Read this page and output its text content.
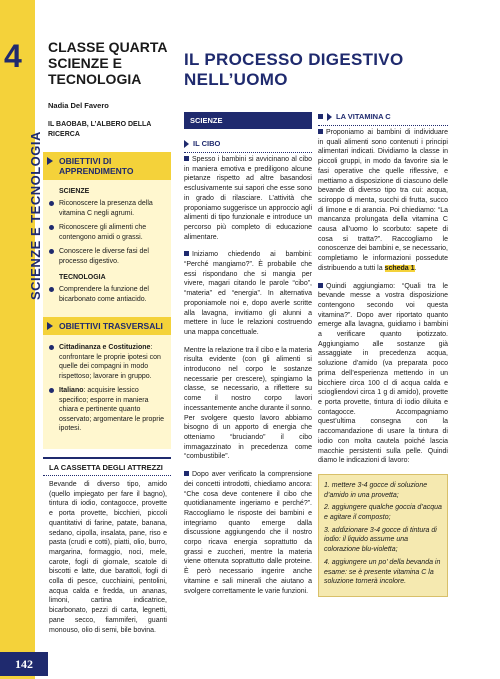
4
SCIENZE E TECNOLOGIA
142
CLASSE QUARTA
SCIENZE E TECNOLOGIA
Nadia Del Favero
IL BAOBAB, L’ALBERO DELLA RICERCA
OBIETTIVI DI APPRENDIMENTO
SCIENZE
Riconoscere la presenza della vitamina C negli agrumi.
Riconoscere gli alimenti che contengono amidi o grassi.
Conoscere le diverse fasi del processo digestivo.
TECNOLOGIA
Comprendere la funzione del bicarbonato come antiacido.
OBIETTIVI TRASVERSALI
Cittadinanza e Costituzione: confrontare le proprie ipotesi con quelle dei compagni in modo rispettoso; lavorare in gruppo.
Italiano: acquisire lessico specifico; esporre in maniera chiara e pertinente quanto osservato; argomentare le proprie ipotesi.
LA CASSETTA DEGLI ATTREZZI
Bevande di diverso tipo, amido (quello impiegato per fare il bagno), tintura di iodio, contagocce, provette e porta provette, bicchieri, piccoli quantitativi di farine, patate, banana, sedano, cipolla, insalata, pane, riso e pasta (crudi e cotti), piatti, olio, burro, margarina, formaggio, noci, mele, carote, fogli di giornale, scatole di biscotti e latte, due barattoli, fogli di colla di pesce, cucchiaini, pentolini, acqua calda e fredda, un ananas, limoni, cartina indicatrice, bicarbonato, pezzi di carta, legnetti, pane secco, fiammiferi, guanti monouso, olio di semi, bile bovina.
IL PROCESSO DIGESTIVO NELL’UOMO
SCIENZE
IL CIBO

Spesso i bambini si avvicinano al cibo in maniera emotiva e prediligono alcune pietanze rispetto ad altre basandosi esclusivamente sui sapori che esse sono in grado di rilasciare. L’attività che proponiamo suggerisce un approccio agli alimenti di tipo funzionale e introduce un percorso più completo di educazione alimentare.

Iniziamo chiedendo ai bambini: “Perché mangiamo?”. È probabile che essi rispondano che si mangia per vivere, magari citando le parole “cibo”, “materia” ed “energia”. In alternativa proponiamole noi e, dopo averle scritte alla lavagna, invitiamo gli alunni a mettere in luce le relazioni costruendo una mappa concettuale.

Mentre la relazione tra il cibo e la materia risulta evidente (con gli alimenti si introducono nel corpo le sostanze necessarie per crescere), spingiamo la classe, se necessario, a riflettere su come il nostro corpo lavori incessantemente anche durante il sonno. Per svolgere questo lavoro abbiamo bisogno di un apporto di energia che otteniamo “bruciando” il cibo immagazzinato in precedenza come “combustibile”.

Dopo aver verificato la comprensione dei concetti introdotti, chiediamo ancora: “Che cosa deve contenere il cibo che quotidianamente ingeriamo e perché?”. Raccogliamo le risposte dei bambini e integriamo quanto emerge dalla discussione aggiungendo che il nostro corpo ricava energia soprattutto da grassi e zuccheri, mentre la materia viene ottenuta soprattutto dalle proteine. È però necessario ingerire anche vitamine e sali minerali che aiutano a svolgere correttamente le varie funzioni.

LA VITAMINA C

Proponiamo ai bambini di individuare in quali alimenti sono contenuti i principi alimentari indicati. Dividiamo la classe in piccoli gruppi, in modo da favorire sia le fasi operative che quelle riflessive, e mettiamo a disposizione di ciascuno delle bevande di diverso tipo tra cui: acqua, sciroppo di menta, succhi di frutta, succo di limone e di arancia. Poi chiediamo: “La mancanza prolungata della vitamina C causa all’uomo lo scorbuto: sapete di cosa si tratta?”. Raccogliamo le conoscenze dei bambini e, se necessario, completiamo le informazioni possedute distribuendo a tutti la scheda 1.

Quindi aggiungiamo: “Quali tra le bevande messe a vostra disposizione contengono secondo voi questa vitamina?”. Dopo aver riportato quanto emerge alla lavagna, guidiamo i bambini a verificare quanto ipotizzato. Aggiungiamo alle sostanze già assaggiate in precedenza acqua, soluzione d’amido (va preparata poco prima dell’esperienza mettendo in un bicchiere circa 100 cl di acqua calda e sciogliendovi circa 1 g di amido), provette e porta provette, tintura di iodio diluita e contagocce. Accompagniamo quest’ultima consegna con la raccomandazione di usare la tintura di iodio con molta cautela poiché lascia macchie persistenti sulla pelle. Quindi diamo le indicazioni di lavoro:

1. mettere 3-4 gocce di soluzione d’amido in una provetta;
2. aggiungere qualche goccia d’acqua e agitare il composto;
3. addizionare 3-4 gocce di tintura di iodio: il liquido assume una colorazione blu-violetta;
4. aggiungere un po’ della bevanda in esame: se è presente vitamina C la soluzione tornerà incolore.
